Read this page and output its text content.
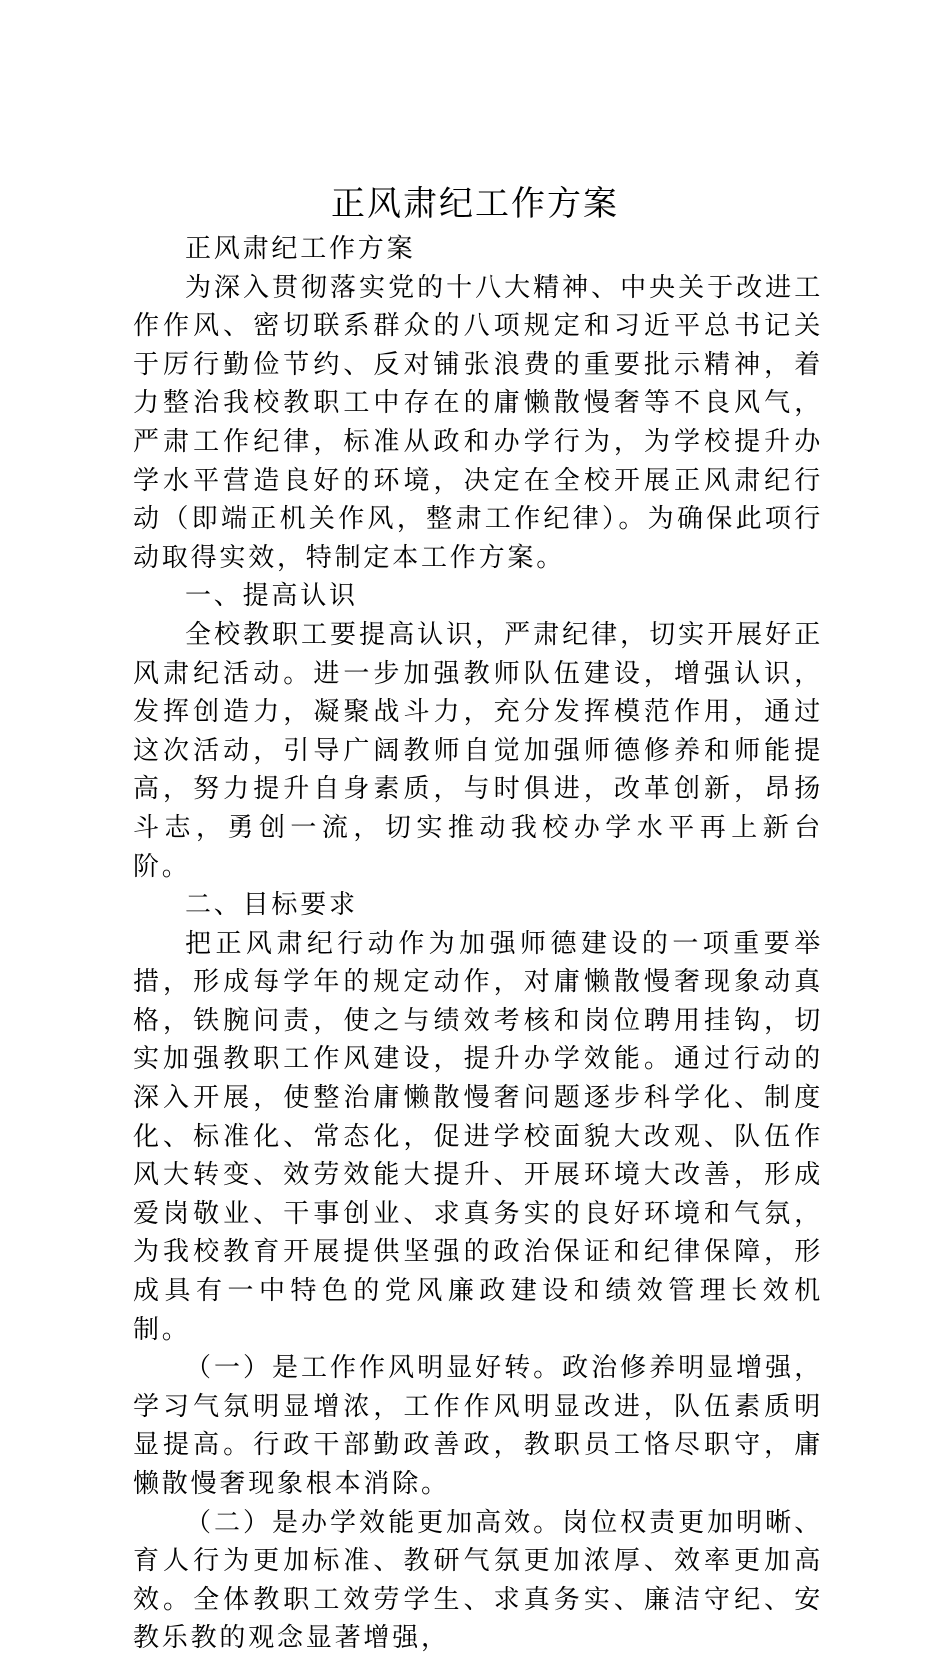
正风肃纪工作方案

正风肃纪工作方案

为深入贯彻落实党的十八大精神、中央关于改进工作作风、密切联系群众的八项规定和习近平总书记关于厉行勤俭节约、反对铺张浪费的重要批示精神，着力整治我校教职工中存在的庸懒散慢奢等不良风气，严肃工作纪律，标准从政和办学行为，为学校提升办学水平营造良好的环境，决定在全校开展正风肃纪行动（即端正机关作风，整肃工作纪律）。为确保此项行动取得实效，特制定本工作方案。

一、提高认识

全校教职工要提高认识，严肃纪律，切实开展好正风肃纪活动。进一步加强教师队伍建设，增强认识，发挥创造力，凝聚战斗力，充分发挥模范作用，通过这次活动，引导广阔教师自觉加强师德修养和师能提高，努力提升自身素质，与时俱进，改革创新，昂扬斗志，勇创一流，切实推动我校办学水平再上新台阶。

二、目标要求

把正风肃纪行动作为加强师德建设的一项重要举措，形成每学年的规定动作，对庸懒散慢奢现象动真格，铁腕问责，使之与绩效考核和岗位聘用挂钩，切实加强教职工作风建设，提升办学效能。通过行动的深入开展，使整治庸懒散慢奢问题逐步科学化、制度化、标准化、常态化，促进学校面貌大改观、队伍作风大转变、效劳效能大提升、开展环境大改善，形成爱岗敬业、干事创业、求真务实的良好环境和气氛，为我校教育开展提供坚强的政治保证和纪律保障，形成具有一中特色的党风廉政建设和绩效管理长效机制。

（一）是工作作风明显好转。政治修养明显增强，学习气氛明显增浓，工作作风明显改进，队伍素质明显提高。行政干部勤政善政，教职员工恪尽职守，庸懒散慢奢现象根本消除。

（二）是办学效能更加高效。岗位权责更加明晰、育人行为更加标准、教研气氛更加浓厚、效率更加高效。全体教职工效劳学生、求真务实、廉洁守纪、安教乐教的观念显著增强，
